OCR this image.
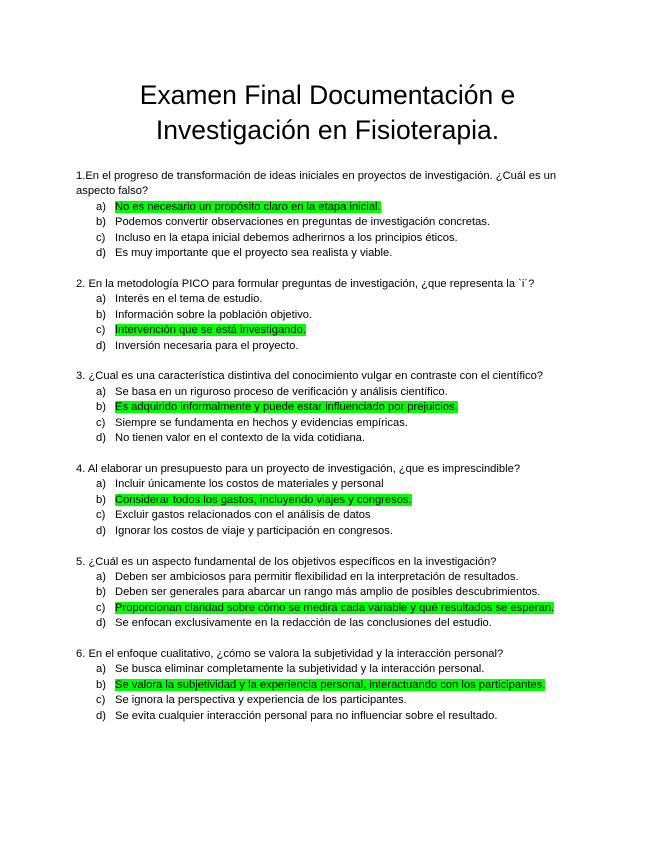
Examen Final Documentación e
Investigación en Fisioterapia.

1.En el progreso de transformación de ideas iniciales en proyectos de investigación. ¿Cuál es un aspecto falso?

a) No es necesario un propósito claro en la etapa inicial.
b) Podemos convertir observaciones en preguntas de investigación concretas.
c) Incluso en la etapa inicial debemos adherirnos a los principios éticos.
d) Es muy importante que el proyecto sea realista y viable.

2. En la metodología PICO para formular preguntas de investigación, ¿que representa la `i´?

a) Interés en el tema de estudio.
b) Información sobre la población objetivo.
c) Intervención que se está investigando.
d) Inversión necesaria para el proyecto.

3. ¿Cual es una característica distintiva del conocimiento vulgar en contraste con el científico?

a) Se basa en un riguroso proceso de verificación y análisis científico.
b) Es adquirido informalmente y puede estar influenciado por prejuicios.
c) Siempre se fundamenta en hechos y evidencias empíricas.
d) No tienen valor en el contexto de la vida cotidiana.

4. Al elaborar un presupuesto para un proyecto de investigación, ¿que es imprescindible?

a) Incluir únicamente los costos de materiales y personal
b) Considerar todos los gastos, incluyendo viajes y congresos.
c) Excluir gastos relacionados con el análisis de datos
d) Ignorar los costos de viaje y participación en congresos.

5. ¿Cuál es un aspecto fundamental de los objetivos específicos en la investigación?

a) Deben ser ambiciosos para permitir flexibilidad en la interpretación de resultados.
b) Deben ser generales para abarcar un rango más amplio de posibles descubrimientos.
c) Proporcionan claridad sobre cómo se medirá cada variable y qué resultados se esperan.
d) Se enfocan exclusivamente en la redacción de las conclusiones del estudio.

6. En el enfoque cualitativo, ¿cómo se valora la subjetividad y la interacción personal?

a) Se busca eliminar completamente la subjetividad y la interacción personal.
b) Se valora la subjetividad y la experiencia personal, interactuando con los participantes.
c) Se ignora la perspectiva y experiencia de los participantes.
d) Se evita cualquier interacción personal para no influenciar sobre el resultado.
